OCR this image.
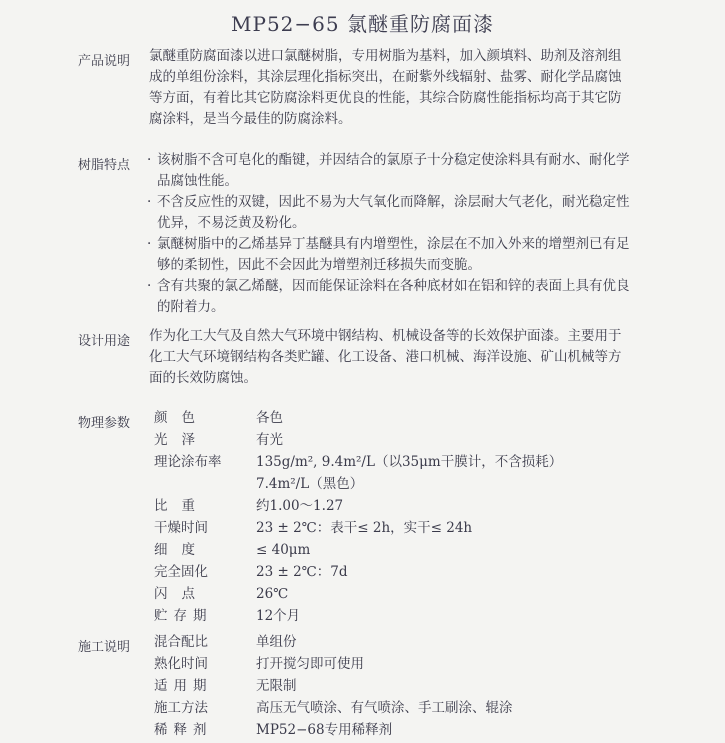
MP52−65 氯醚重防腐面漆
产品说明 氯醚重防腐面漆以进口氯醚树脂，专用树脂为基料，加入颜填料、助剂及溶剂组
成的单组份涂料，其涂层理化指标突出，在耐紫外线辐射、盐雾、耐化学品腐蚀
等方面，有着比其它防腐涂料更优良的性能，其综合防腐性能指标均高于其它防
腐涂料，是当今最佳的防腐涂料。
树脂特点 · 该树脂不含可皂化的酯键，并因结合的氯原子十分稳定使涂料具有耐水、耐化学
品腐蚀性能。
· 不含反应性的双键，因此不易为大气氧化而降解，涂层耐大气老化，耐光稳定性
优异，不易泛黄及粉化。
· 氯醚树脂中的乙烯基异丁基醚具有内增塑性，涂层在不加入外来的增塑剂已有足
够的柔韧性，因此不会因此为增塑剂迁移损失而变脆。
· 含有共聚的氯乙烯醚，因而能保证涂料在各种底材如在铝和锌的表面上具有优良
的附着力。
设计用途 作为化工大气及自然大气环境中钢结构、机械设备等的长效保护面漆。主要用于
化工大气环境钢结构各类贮罐、化工设备、港口机械、海洋设施、矿山机械等方
面的长效防腐蚀。
物理参数 颜色	各色
光泽	有光
理论涂布率	135g/m², 9.4m²/L（以35μm干膜计，不含损耗）
7.4m²/L（黑色）
比重	约1.00～1.27
干燥时间	23 ± 2℃：表干≤ 2h，实干≤ 24h
细度	≤ 40μm
完全固化	23 ± 2℃：7d
闪点	26℃
贮存期	12个月
施工说明 混合配比	单组份
熟化时间	打开搅匀即可使用
适用期	无限制
施工方法	高压无气喷涂、有气喷涂、手工刷涂、辊涂
稀释剂	MP52−68专用稀释剂
